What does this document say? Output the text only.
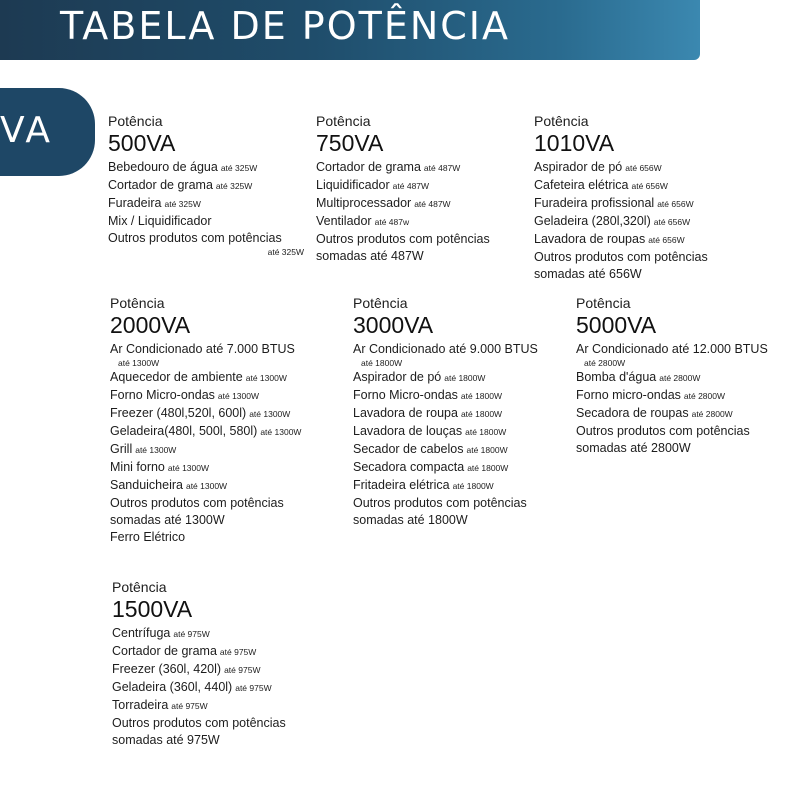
TABELA DE POTÊNCIA
VA	Potência
500VA
Bebedouro de água até 325W
Cortador de grama até 325W
Furadeira até 325W
Mix / Liquidificador
Outros produtos com potências
até 325W
Potência
750VA
Cortador de grama até 487W
Liquidificador até 487W
Multiprocessador até 487W
Ventilador até 487w
Outros produtos com potências
somadas até 487W
Potência
1010VA
Aspirador de pó até 656W
Cafeteira elétrica até 656W
Furadeira profissional até 656W
Geladeira (280l,320l) até 656W
Lavadora de roupas até 656W
Outros produtos com potências
somadas até 656W
Potência
2000VA
Ar Condicionado até 7.000 BTUS
até 1300W
Aquecedor de ambiente até 1300W
Forno Micro-ondas até 1300W
Freezer (480l,520l, 600l) até 1300W
Geladeira(480l, 500l, 580l) até 1300W
Grill até 1300W
Mini forno até 1300W
Sanduicheira até 1300W
Outros produtos com potências
somadas até 1300W
Ferro Elétrico
Potência
3000VA
Ar Condicionado até 9.000 BTUS
até 1800W
Aspirador de pó até 1800W
Forno Micro-ondas até 1800W
Lavadora de roupa até 1800W
Lavadora de louças até 1800W
Secador de cabelos até 1800W
Secadora compacta até 1800W
Fritadeira elétrica até 1800W
Outros produtos com potências
somadas até 1800W
Potência
5000VA
Ar Condicionado até 12.000 BTUS
até 2800W
Bomba d'água até 2800W
Forno micro-ondas até 2800W
Secadora de roupas até 2800W
Outros produtos com potências
somadas até 2800W
Potência
1500VA
Centrífuga até 975W
Cortador de grama até 975W
Freezer (360l, 420l) até 975W
Geladeira (360l, 440l) até 975W
Torradeira até 975W
Outros produtos com potências
somadas até 975W
